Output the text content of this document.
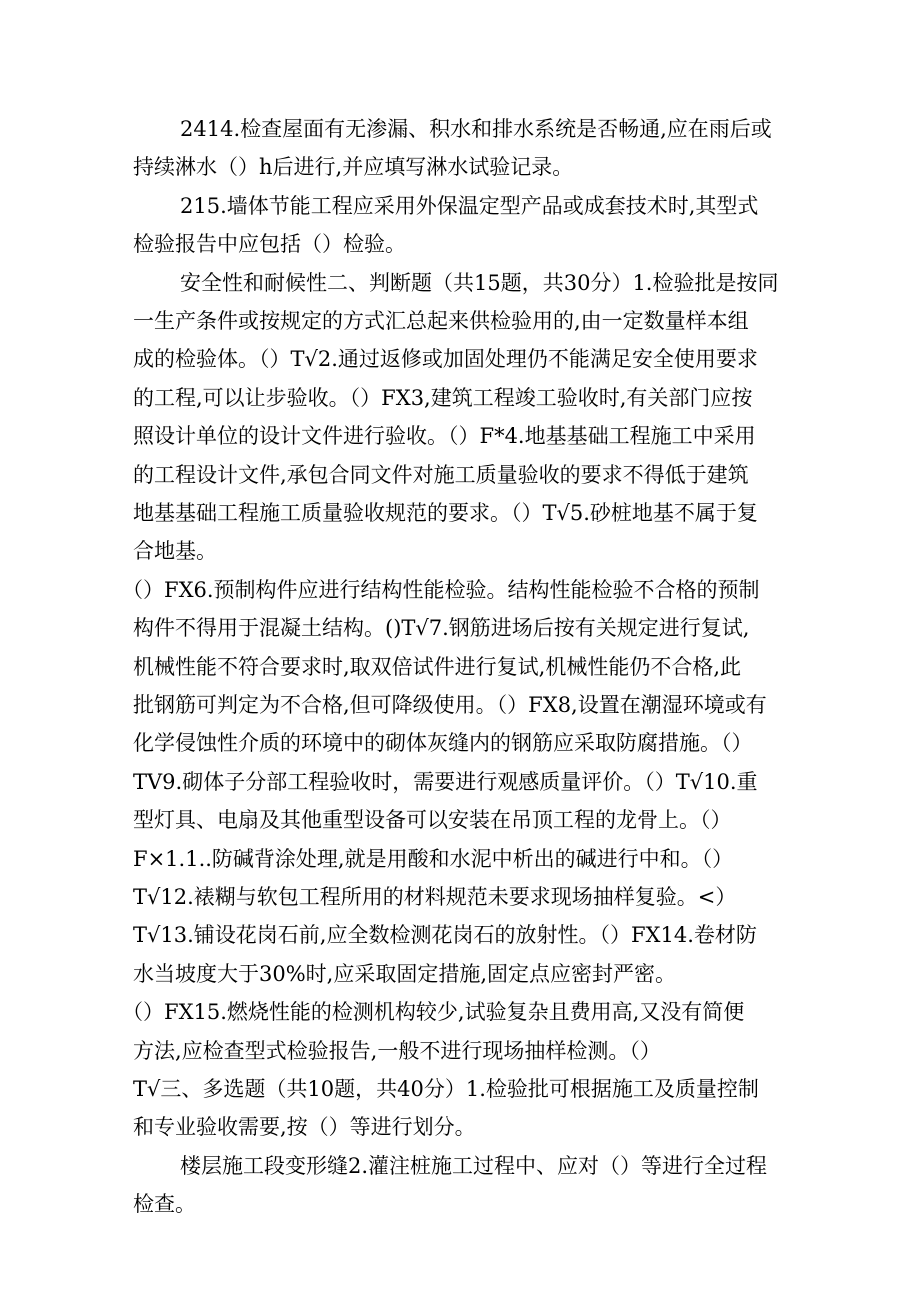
2414.检查屋面有无渗漏、积水和排水系统是否畅通,应在雨后或
持续淋水（）h后进行,并应填写淋水试验记录。
215.墙体节能工程应采用外保温定型产品或成套技术时,其型式
检验报告中应包括（）检验。
安全性和耐候性二、判断题（共15题，共30分）1.检验批是按同
一生产条件或按规定的方式汇总起来供检验用的,由一定数量样本组
成的检验体。（）T√2.通过返修或加固处理仍不能满足安全使用要求
的工程,可以让步验收。（）FX3,建筑工程竣工验收时,有关部门应按
照设计单位的设计文件进行验收。（）F*4.地基基础工程施工中采用
的工程设计文件,承包合同文件对施工质量验收的要求不得低于建筑
地基基础工程施工质量验收规范的要求。（）T√5.砂桩地基不属于复
合地基。
（）FX6.预制构件应进行结构性能检验。结构性能检验不合格的预制
构件不得用于混凝土结构。()T√7.钢筋进场后按有关规定进行复试,
机械性能不符合要求时,取双倍试件进行复试,机械性能仍不合格,此
批钢筋可判定为不合格,但可降级使用。（）FX8,设置在潮湿环境或有
化学侵蚀性介质的环境中的砌体灰缝内的钢筋应采取防腐措施。（）
TV9.砌体子分部工程验收时，需要进行观感质量评价。（）T√10.重
型灯具、电扇及其他重型设备可以安装在吊顶工程的龙骨上。（）
F×1.1..防碱背涂处理,就是用酸和水泥中析出的碱进行中和。（）
T√12.裱糊与软包工程所用的材料规范未要求现场抽样复验。<）
T√13.铺设花岗石前,应全数检测花岗石的放射性。（）FX14.卷材防
水当坡度大于30%时,应采取固定措施,固定点应密封严密。
（）FX15.燃烧性能的检测机构较少,试验复杂且费用高,又没有简便
方法,应检查型式检验报告,一般不进行现场抽样检测。（）
T√三、多选题（共10题，共40分）1.检验批可根据施工及质量控制
和专业验收需要,按（）等进行划分。
楼层施工段变形缝2.灌注桩施工过程中、应对（）等进行全过程
检查。
